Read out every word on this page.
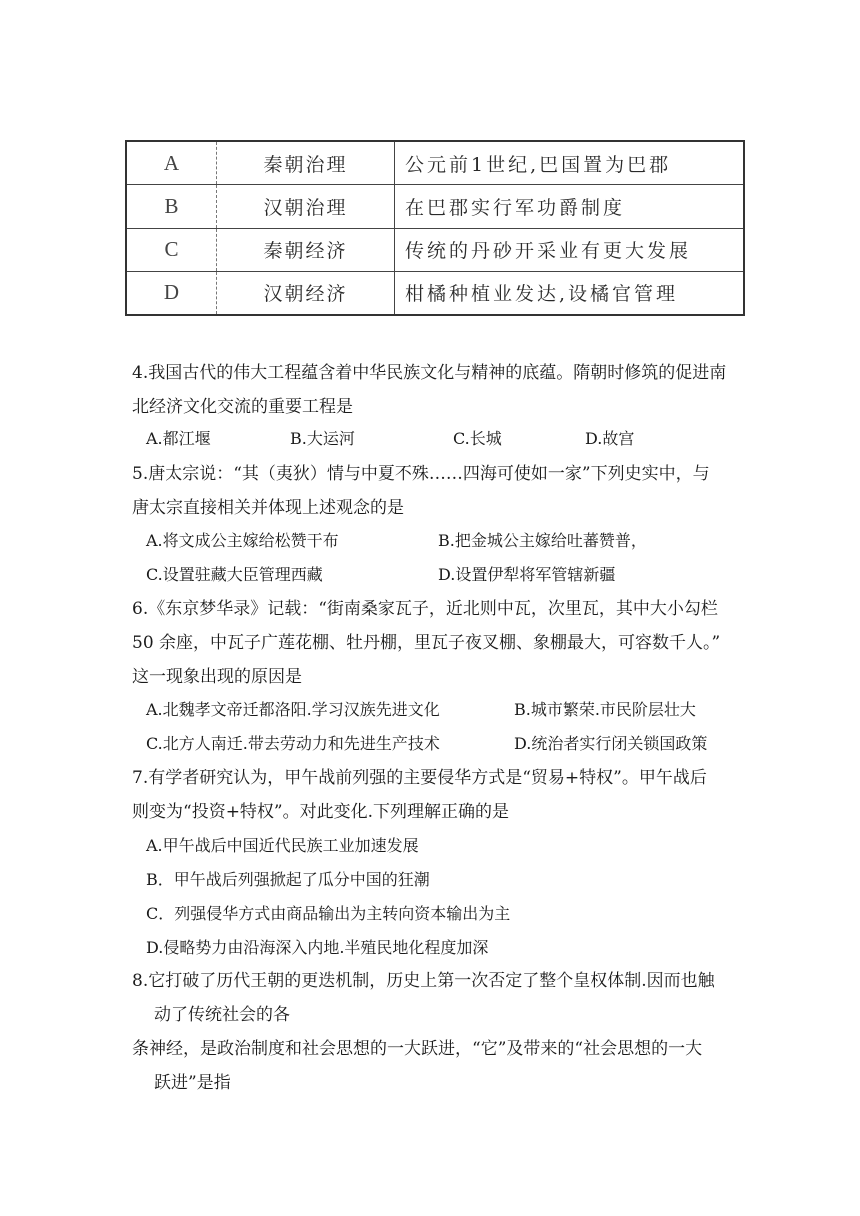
A	秦朝治理	公元前1世纪,巴国置为巴郡
B	汉朝治理	在巴郡实行军功爵制度
C	秦朝经济	传统的丹砂开采业有更大发展
D	汉朝经济	柑橘种植业发达,设橘官管理
4.我国古代的伟大工程蕴含着中华民族文化与精神的底蕴。隋朝时修筑的促进南
北经济文化交流的重要工程是
A.都江堰	B.大运河	C.长城	D.故宫
5.唐太宗说：“其（夷狄）情与中夏不殊……四海可使如一家”下列史实中，与
唐太宗直接相关并体现上述观念的是
A.将文成公主嫁给松赞干布	B.把金城公主嫁给吐蕃赞普，
C.设置驻藏大臣管理西藏	D.设置伊犁将军管辖新疆
6.《东京梦华录》记载：“街南桑家瓦子，近北则中瓦，次里瓦，其中大小勾栏
50 余座，中瓦子广莲花棚、牡丹棚，里瓦子夜叉棚、象棚最大，可容数千人。”
这一现象出现的原因是
A.北魏孝文帝迁都洛阳.学习汉族先进文化	B.城市繁荣.市民阶层壮大
C.北方人南迁.带去劳动力和先进生产技术	D.统治者实行闭关锁国政策
7.有学者研究认为，甲午战前列强的主要侵华方式是“贸易+特权”。甲午战后
则变为“投资+特权”。对此变化.下列理解正确的是
A.甲午战后中国近代民族工业加速发展
B．甲午战后列强掀起了瓜分中国的狂潮
C．列强侵华方式由商品输出为主转向资本输出为主
D.侵略势力由沿海深入内地.半殖民地化程度加深
8.它打破了历代王朝的更迭机制，历史上第一次否定了整个皇权体制.因而也触
动了传统社会的各
条神经，是政治制度和社会思想的一大跃进，“它”及带来的“社会思想的一大
跃进”是指
